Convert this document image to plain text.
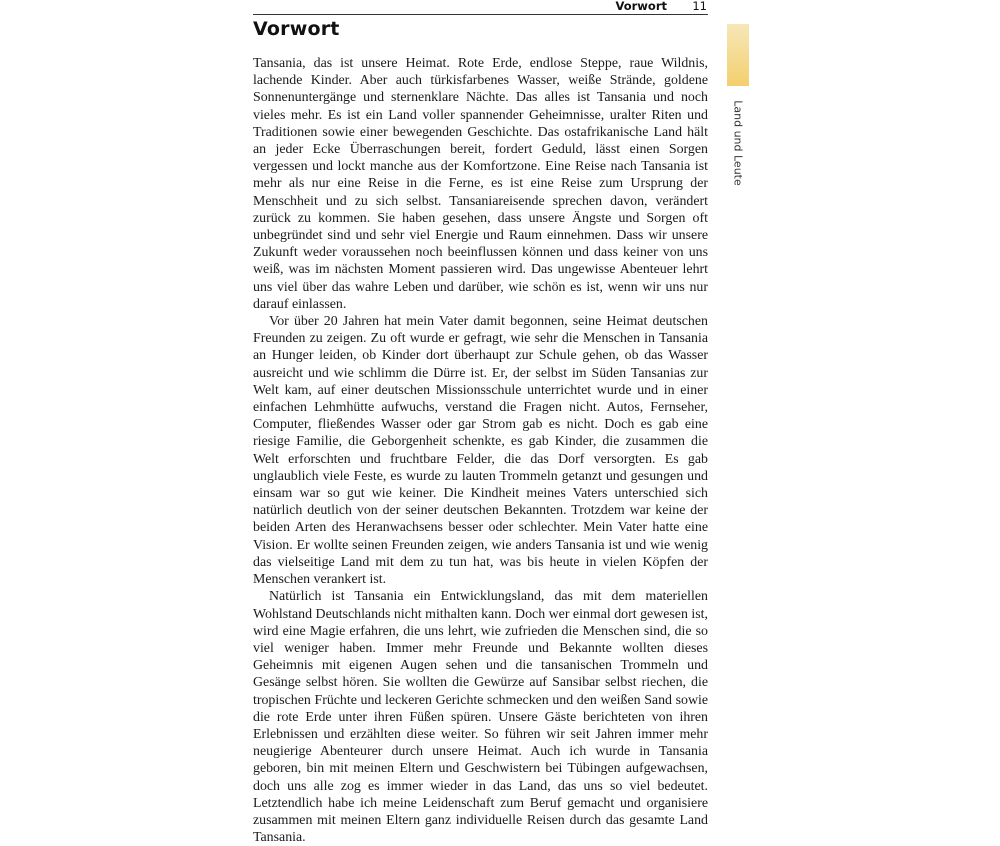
Vorwort 11
Vorwort

Tansania, das ist unsere Heimat. Rote Erde, endlose Steppe, raue Wildnis, lachende Kinder. Aber auch türkisfarbenes Wasser, weiße Strände, goldene Sonnenuntergänge und sternenklare Nächte. Das alles ist Tansania und noch vieles mehr. Es ist ein Land voller spannender Geheimnisse, uralter Riten und Traditionen sowie einer bewegenden Geschichte. Das ostafrikanische Land hält an jeder Ecke Überraschungen bereit, fordert Geduld, lässt einen Sorgen vergessen und lockt manche aus der Komfortzone. Eine Reise nach Tansania ist mehr als nur eine Reise in die Ferne, es ist eine Reise zum Ursprung der Menschheit und zu sich selbst. Tansaniareisende sprechen davon, verändert zurück zu kommen. Sie haben gesehen, dass unsere Ängste und Sorgen oft unbegründet sind und sehr viel Energie und Raum einnehmen. Dass wir unsere Zukunft weder voraussehen noch beeinflussen können und dass keiner von uns weiß, was im nächsten Moment passieren wird. Das ungewisse Abenteuer lehrt uns viel über das wahre Leben und darüber, wie schön es ist, wenn wir uns nur darauf einlassen.

Vor über 20 Jahren hat mein Vater damit begonnen, seine Heimat deutschen Freunden zu zeigen. Zu oft wurde er gefragt, wie sehr die Menschen in Tansania an Hunger leiden, ob Kinder dort überhaupt zur Schule gehen, ob das Wasser ausreicht und wie schlimm die Dürre ist. Er, der selbst im Süden Tansanias zur Welt kam, auf einer deutschen Missionsschule unterrichtet wurde und in einer einfachen Lehmhütte aufwuchs, verstand die Fragen nicht. Autos, Fernseher, Computer, fließendes Wasser oder gar Strom gab es nicht. Doch es gab eine riesige Familie, die Geborgenheit schenkte, es gab Kinder, die zusammen die Welt erforschten und fruchtbare Felder, die das Dorf versorgten. Es gab unglaublich viele Feste, es wurde zu lauten Trommeln getanzt und gesungen und einsam war so gut wie keiner. Die Kindheit meines Vaters unterschied sich natürlich deutlich von der seiner deutschen Bekannten. Trotzdem war keine der beiden Arten des Heranwachsens besser oder schlechter. Mein Vater hatte eine Vision. Er wollte seinen Freunden zeigen, wie anders Tansania ist und wie wenig das vielseitige Land mit dem zu tun hat, was bis heute in vielen Köpfen der Menschen verankert ist.

Natürlich ist Tansania ein Entwicklungsland, das mit dem materiellen Wohlstand Deutschlands nicht mithalten kann. Doch wer einmal dort gewesen ist, wird eine Magie erfahren, die uns lehrt, wie zufrieden die Menschen sind, die so viel weniger haben. Immer mehr Freunde und Bekannte wollten dieses Geheimnis mit eigenen Augen sehen und die tansanischen Trommeln und Gesänge selbst hören. Sie wollten die Gewürze auf Sansibar selbst riechen, die tropischen Früchte und leckeren Gerichte schmecken und den weißen Sand sowie die rote Erde unter ihren Füßen spüren. Unsere Gäste berichteten von ihren Erlebnissen und erzählten diese weiter. So führen wir seit Jahren immer mehr neugierige Abenteurer durch unsere Heimat. Auch ich wurde in Tansania geboren, bin mit meinen Eltern und Geschwistern bei Tübingen aufgewachsen, doch uns alle zog es immer wieder in das Land, das uns so viel bedeutet. Letztendlich habe ich meine Leidenschaft zum Beruf gemacht und organisiere zusammen mit meinen Eltern ganz individuelle Reisen durch das gesamte Land Tansania.

Land und Leute
